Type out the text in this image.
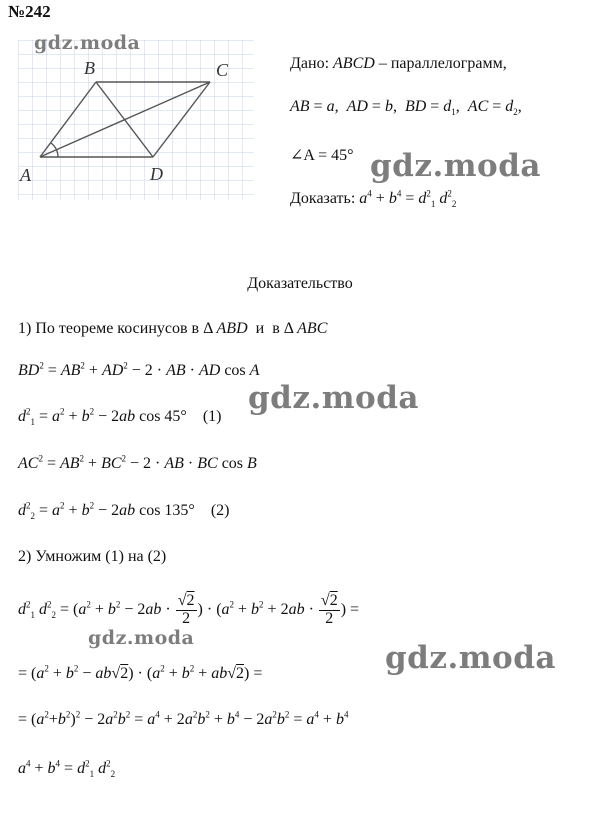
№242
B	C
A	D
gdz.moda
Дано: ABCD – параллелограмм,
AB = a,  AD = b,  BD = $d_1$,  AC = $d_2$,
∠A = 45° gdz.moda
Доказать: $a^4 + b^4 = d^2_1$ $d^2_2$
Доказательство
1) По теореме косинусов в Δ ABD  и  в Δ ABC
$BD^2 = AB^2 + AD^2 - 2$ · AB · AD cos A
gdz.moda
$d^2_1 = a^2 + b^2 - 2ab$ cos 45°    (1)
$AC^2 = AB^2 + BC^2 - 2$ · AB · BC cos B
$d^2_2 = a^2 + b^2 - 2ab$ cos 135°    (2)
2) Умножим (1) на (2)
$d^2_1$ $d^2_2 = (a^2 + b^2 - 2ab \cdot \frac{√2}{2}$ ) · ($a^2 + b^2 + 2ab \cdot \frac{√2}{2}$ ) =
gdz.moda
gdz.moda
= $(a^2 + b^2 - ab√2) \cdot (a^2 + b^2 + ab√2)$ =
= $(a^2+b^2)^2 - 2a^2b^2 = a^4 + 2a^2b^2 + b^4 - 2a^2b^2 = a^4 + b^4$
$a^4 + b^4 = d^2_1$ $d^2_2$
